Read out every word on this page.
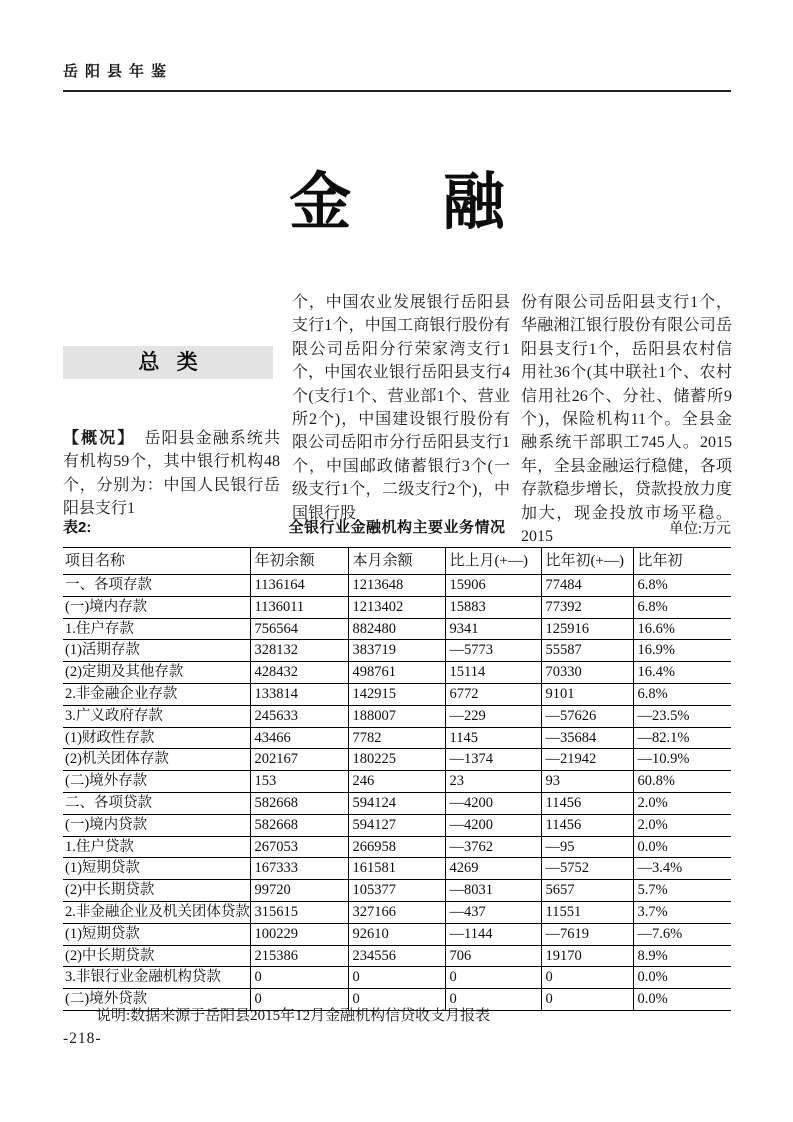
岳阳县年鉴
金 融
总 类
【概况】 岳阳县金融系统共有机构59个，其中银行机构48个，分别为：中国人民银行岳阳县支行1
个，中国农业发展银行岳阳县支行1个，中国工商银行股份有限公司岳阳分行荣家湾支行1个，中国农业银行岳阳县支行4个(支行1个、营业部1个、营业所2个)，中国建设银行股份有限公司岳阳市分行岳阳县支行1个，中国邮政储蓄银行3个(一级支行1个，二级支行2个)，中国银行股
份有限公司岳阳县支行1个，华融湘江银行股份有限公司岳阳县支行1个，岳阳县农村信用社36个(其中联社1个、农村信用社26个、分社、储蓄所9个)，保险机构11个。全县金融系统干部职工745人。2015年，全县金融运行稳健，各项存款稳步增长，贷款投放力度加大，现金投放市场平稳。2015
表2:	全银行业金融机构主要业务情况	单位:万元
项目名称	年初余额	本月余额	比上月(+—)	比年初(+—)	比年初
一、各项存款	1136164	1213648	15906	77484	6.8%
(一)境内存款	1136011	1213402	15883	77392	6.8%
1.住户存款	756564	882480	9341	125916	16.6%
(1)活期存款	328132	383719	—5773	55587	16.9%
(2)定期及其他存款	428432	498761	15114	70330	16.4%
2.非金融企业存款	133814	142915	6772	9101	6.8%
3.广义政府存款	245633	188007	—229	—57626	—23.5%
(1)财政性存款	43466	7782	1145	—35684	—82.1%
(2)机关团体存款	202167	180225	—1374	—21942	—10.9%
(二)境外存款	153	246	23	93	60.8%
二、各项贷款	582668	594124	—4200	11456	2.0%
(一)境内贷款	582668	594127	—4200	11456	2.0%
1.住户贷款	267053	266958	—3762	—95	0.0%
(1)短期贷款	167333	161581	4269	—5752	—3.4%
(2)中长期贷款	99720	105377	—8031	5657	5.7%
2.非金融企业及机关团体贷款	315615	327166	—437	11551	3.7%
(1)短期贷款	100229	92610	—1144	—7619	—7.6%
(2)中长期贷款	215386	234556	706	19170	8.9%
3.非银行业金融机构贷款	0	0	0	0	0.0%
(二)境外贷款	0	0	0	0	0.0%
说明:数据来源于岳阳县2015年12月金融机构信贷收支月报表
-218-
